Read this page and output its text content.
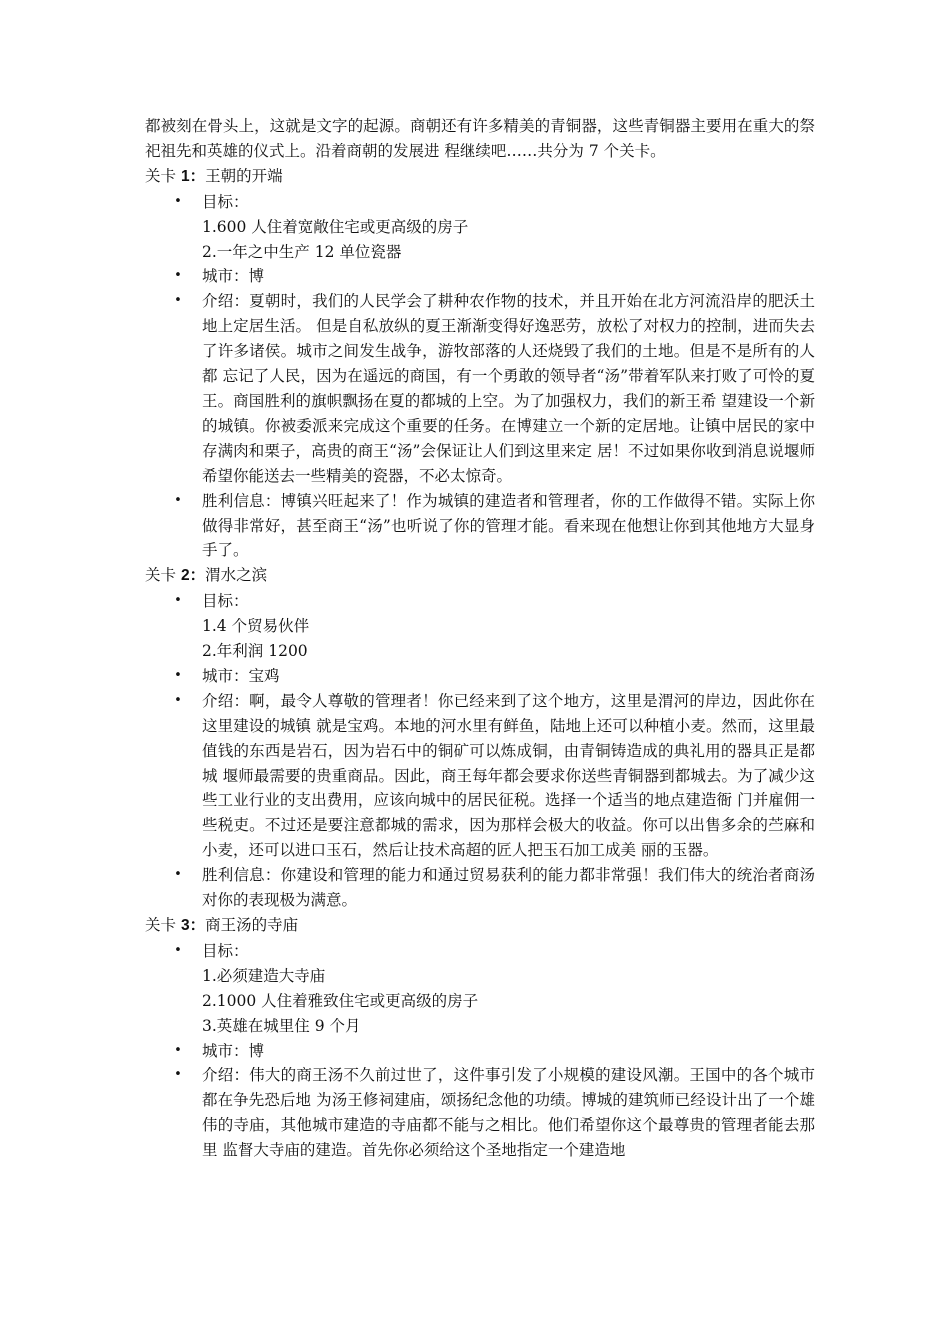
都被刻在骨头上，这就是文字的起源。商朝还有许多精美的青铜器，这些青铜器主要用在重大的祭祀祖先和英雄的仪式上。沿着商朝的发展进 程继续吧……共分为 7 个关卡。

关卡 1：王朝的开端

• 目标：

1.600 人住着宽敞住宅或更高级的房子

2.一年之中生产 12 单位瓷器

• 城市：博
• 介绍：夏朝时，我们的人民学会了耕种农作物的技术，并且开始在北方河流沿岸的肥沃土地上定居生活。 但是自私放纵的夏王渐渐变得好逸恶劳，放松了对权力的控制，进而失去了许多诸侯。城市之间发生战争，游牧部落的人还烧毁了我们的土地。但是不是所有的人都 忘记了人民，因为在遥远的商国，有一个勇敢的领导者“汤”带着军队来打败了可怜的夏王。商国胜利的旗帜飘扬在夏的都城的上空。为了加强权力，我们的新王希 望建设一个新的城镇。你被委派来完成这个重要的任务。在博建立一个新的定居地。让镇中居民的家中存满肉和栗子，高贵的商王“汤”会保证让人们到这里来定 居！不过如果你收到消息说堰师希望你能送去一些精美的瓷器，不必太惊奇。
• 胜利信息：博镇兴旺起来了！作为城镇的建造者和管理者，你的工作做得不错。实际上你做得非常好，甚至商王“汤”也听说了你的管理才能。看来现在他想让你到其他地方大显身手了。

关卡 2：渭水之滨

• 目标：

1.4 个贸易伙伴

2.年利润 1200

• 城市：宝鸡
• 介绍：啊，最令人尊敬的管理者！你已经来到了这个地方，这里是渭河的岸边，因此你在这里建设的城镇 就是宝鸡。本地的河水里有鲜鱼，陆地上还可以种植小麦。然而，这里最值钱的东西是岩石，因为岩石中的铜矿可以炼成铜，由青铜铸造成的典礼用的器具正是都城 堰师最需要的贵重商品。因此，商王每年都会要求你送些青铜器到都城去。为了减少这些工业行业的支出费用，应该向城中的居民征税。选择一个适当的地点建造衙 门并雇佣一些税吏。不过还是要注意都城的需求，因为那样会极大的收益。你可以出售多余的苎麻和小麦，还可以进口玉石，然后让技术高超的匠人把玉石加工成美 丽的玉器。
• 胜利信息：你建设和管理的能力和通过贸易获利的能力都非常强！我们伟大的统治者商汤对你的表现极为满意。

关卡 3：商王汤的寺庙

• 目标：

1.必须建造大寺庙

2.1000 人住着雅致住宅或更高级的房子

3.英雄在城里住 9 个月

• 城市：博
• 介绍：伟大的商王汤不久前过世了，这件事引发了小规模的建设风潮。王国中的各个城市都在争先恐后地 为汤王修祠建庙，颂扬纪念他的功绩。博城的建筑师已经设计出了一个雄伟的寺庙，其他城市建造的寺庙都不能与之相比。他们希望你这个最尊贵的管理者能去那里 监督大寺庙的建造。首先你必须给这个圣地指定一个建造地
